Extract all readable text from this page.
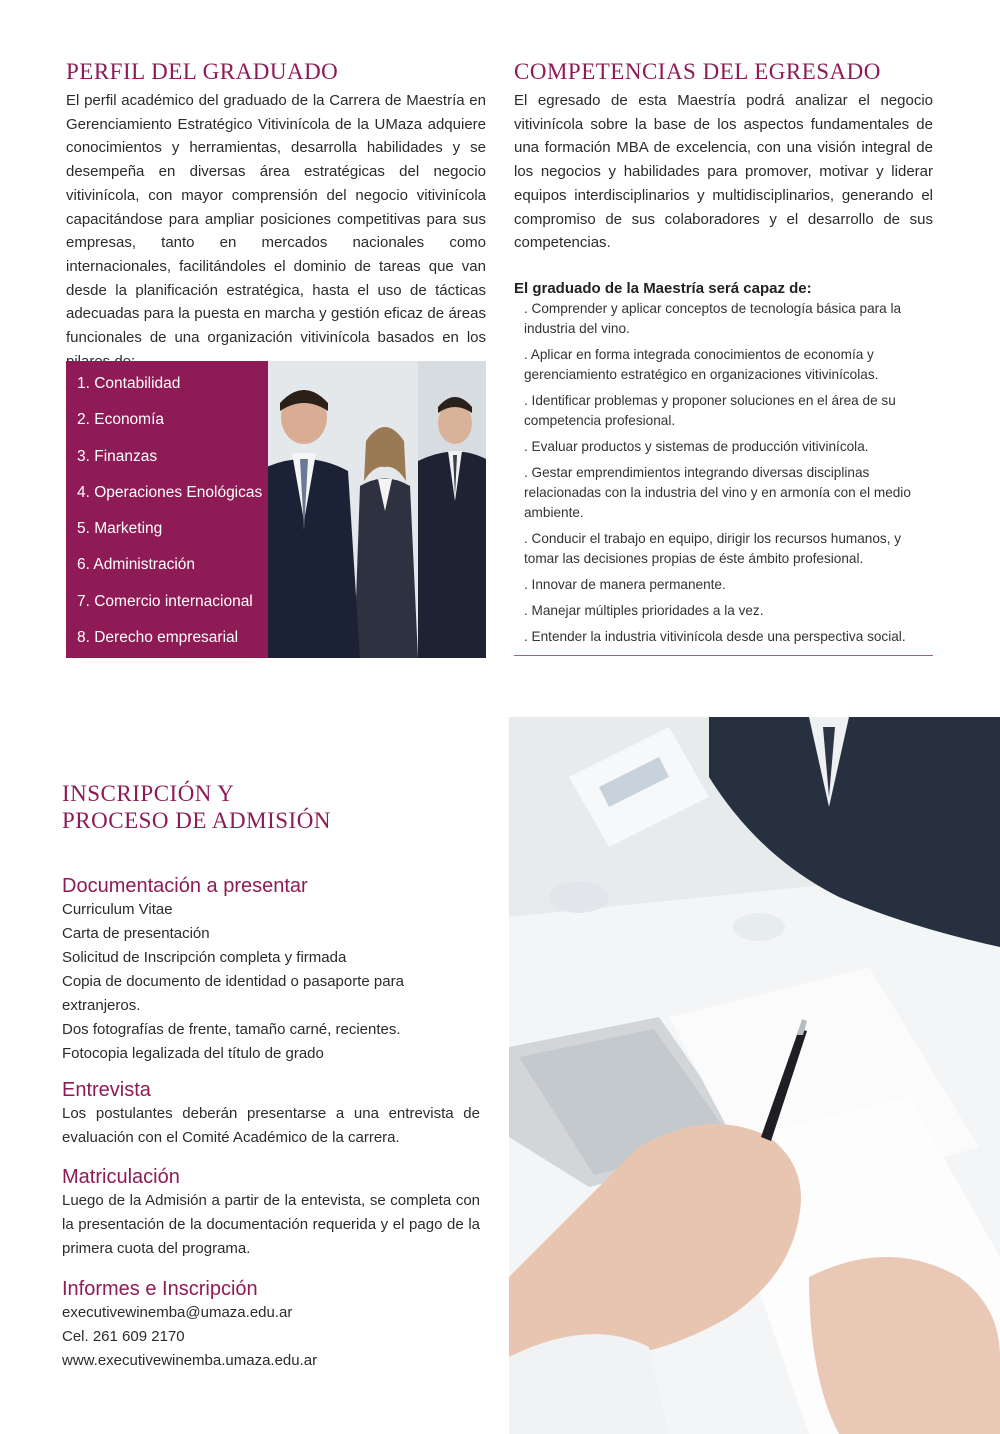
PERFIL DEL GRADUADO

El perfil académico del graduado de la Carrera de Maestría en Gerenciamiento Estratégico Vitivinícola de la UMaza adquiere conocimientos y herramientas, desarrolla habilidades y se desempeña en diversas área estratégicas del negocio vitivinícola, con mayor comprensión del negocio vitivinícola capacitándose para ampliar posiciones competitivas para sus empresas, tanto en mercados nacionales como internacionales, facilitándoles el dominio de tareas que van desde la planificación estratégica, hasta el uso de tácticas adecuadas para la puesta en marcha y gestión eficaz de áreas funcionales de una organización vitivinícola basados en los

1. Contabilidad
2. Economía
3. Finanzas
4. Operaciones Enológicas
5. Marketing
6. Administración
7. Comercio internacional
8. Derecho empresarial
COMPETENCIAS DEL EGRESADO

El egresado de esta Maestría podrá analizar el negocio vitivinícola sobre la base de los aspectos fundamentales de una formación MBA de excelencia, con una visión integral de los negocios y habilidades para promover, motivar y liderar equipos interdisciplinarios y multidisciplinarios, generando el compromiso de sus colaboradores y el desarrollo de sus competencias.

El graduado de la Maestría será capaz de:

. Comprender y aplicar conceptos de tecnología básica para la industria del vino.
. Aplicar en forma integrada conocimientos de economía y gerenciamiento estratégico en organizaciones vitivinícolas.
. Identificar problemas y proponer soluciones en el área de su competencia profesional.
. Evaluar productos y sistemas de producción vitivinícola.
. Gestar emprendimientos integrando diversas disciplinas relacionadas con la industria del vino y en armonía con el medio ambiente.
. Conducir el trabajo en equipo, dirigir los recursos humanos, y tomar las decisiones propias de éste ámbito profesional.
. Innovar de manera permanente.
. Manejar múltiples prioridades a la vez.
. Entender la industria vitivinícola desde una perspectiva social.
INSCRIPCIÓN Y
PROCESO DE ADMISIÓN
Documentación a presentar
Curriculum Vitae
Carta de presentación
Solicitud de Inscripción completa y firmada
Copia de documento de identidad o pasaporte para
extranjeros.
Dos fotografías de frente, tamaño carné, recientes.
Fotocopia legalizada del título de grado
Entrevista

Los postulantes deberán presentarse a una entrevista de evaluación con el Comité Académico de la carrera.

Matriculación

Luego de la Admisión a partir de la entevista, se completa con la presentación de la documentación requerida y el pago de la primera cuota del programa.

Informes e Inscripción
executivewinemba@umaza.edu.ar
Cel. 261 609 2170
www.executivewinemba.umaza.edu.ar
